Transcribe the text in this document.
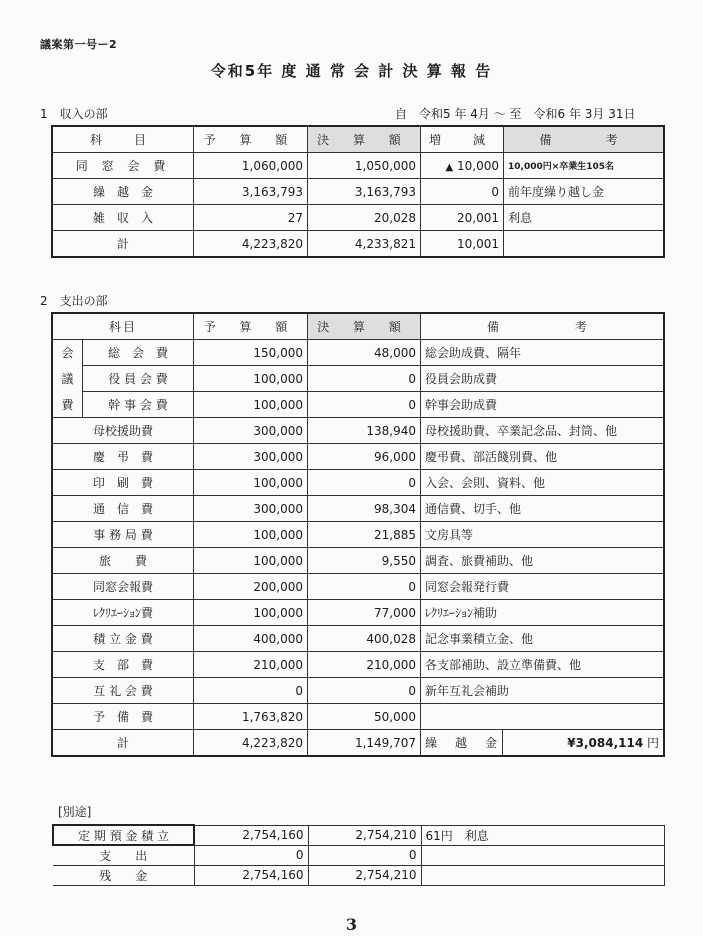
議案第一号ー2
令和5年 度 通 常 会 計 決 算 報 告
1　収入の部	自　令和5 年 4月 ～ 至　令和6 年 3月 31日
科　目	予 算 額	決 算 額	増　減	備　　考
同 窓 会 費	1,060,000	1,050,000	▲ 10,000	10,000円×卒業生105名
繰　越　金	3,163,793	3,163,793	0	前年度繰り越し金
雑　収　入	27	20,028	20,001	利息
計	4,223,820	4,233,821	10,001	
2　支出の部
科目		予 算 額	決 算 額	備　　　考	
会	総　会　費	150,000	48,000	総会助成費、隔年	
議	役 員 会 費	100,000	0	役員会助成費	
費	幹 事 会 費	100,000	0	幹事会助成費	
母校援助費		300,000	138,940	母校援助費、卒業記念品、封筒、他	
慶　弔　費		300,000	96,000	慶弔費、部活餞別費、他	
印　刷　費		100,000	0	入会、会則、資料、他	
通　信　費		300,000	98,304	通信費、切手、他	
事 務 局 費		100,000	21,885	文房具等	
旅　　費		100,000	9,550	調査、旅費補助、他	
同窓会報費		200,000	0	同窓会報発行費	
ﾚｸﾘｴｰｼｮﾝ費		100,000	77,000	ﾚｸﾘｴｰｼｮﾝ補助	
積 立 金 費		400,000	400,028	記念事業積立金、他	
支　部　費		210,000	210,000	各支部補助、設立準備費、他	
互 礼 会 費		0	0	新年互礼会補助	
予　備　費		1,763,820	50,000		
計		4,223,820	1,149,707	繰　越　金	¥3,084,114 円
[別途]
定 期 預 金 積 立	2,754,160	2,754,210	61円　利息
支　　出	0	0	
残　　金	2,754,160	2,754,210	
3
